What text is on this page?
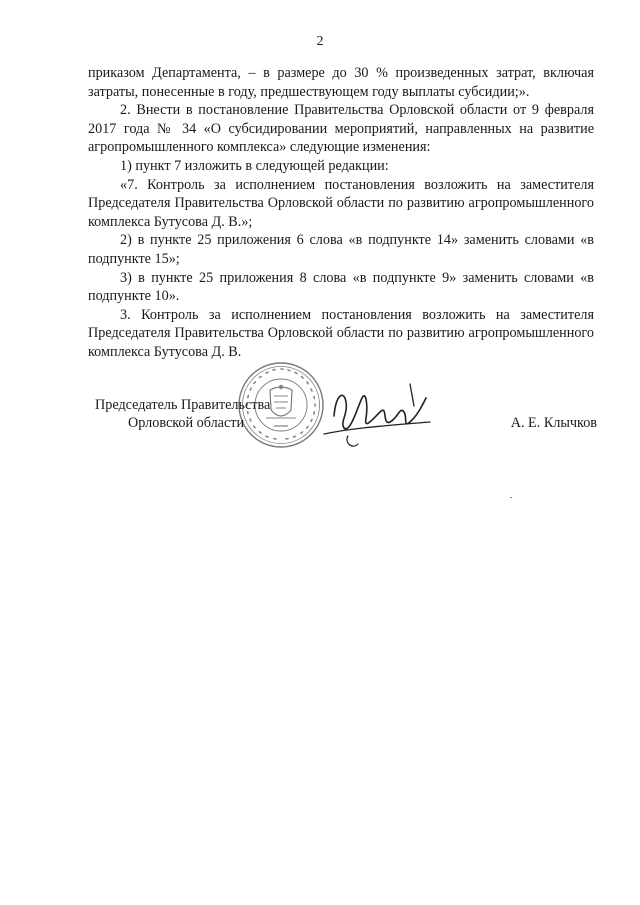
2

приказом Департамента, – в размере до 30 % произведенных затрат, включая затраты, понесенные в году, предшествующем году выплаты субсидии;».

2. Внести в постановление Правительства Орловской области от 9 февраля 2017 года № 34 «О субсидировании мероприятий, направленных на развитие агропромышленного комплекса» следующие изменения:

1) пункт 7 изложить в следующей редакции:

«7. Контроль за исполнением постановления возложить на заместителя Председателя Правительства Орловской области по развитию агропромышленного комплекса Бутусова Д. В.»;

2) в пункте 25 приложения 6 слова «в подпункте 14» заменить словами «в подпункте 15»;

3) в пункте 25 приложения 8 слова «в подпункте 9» заменить словами «в подпункте 10».

3. Контроль за исполнением постановления возложить на заместителя Председателя Правительства Орловской области по развитию агропромышленного комплекса Бутусова Д. В.

Председатель Правительства
Орловской области	А. Е. Клычков
